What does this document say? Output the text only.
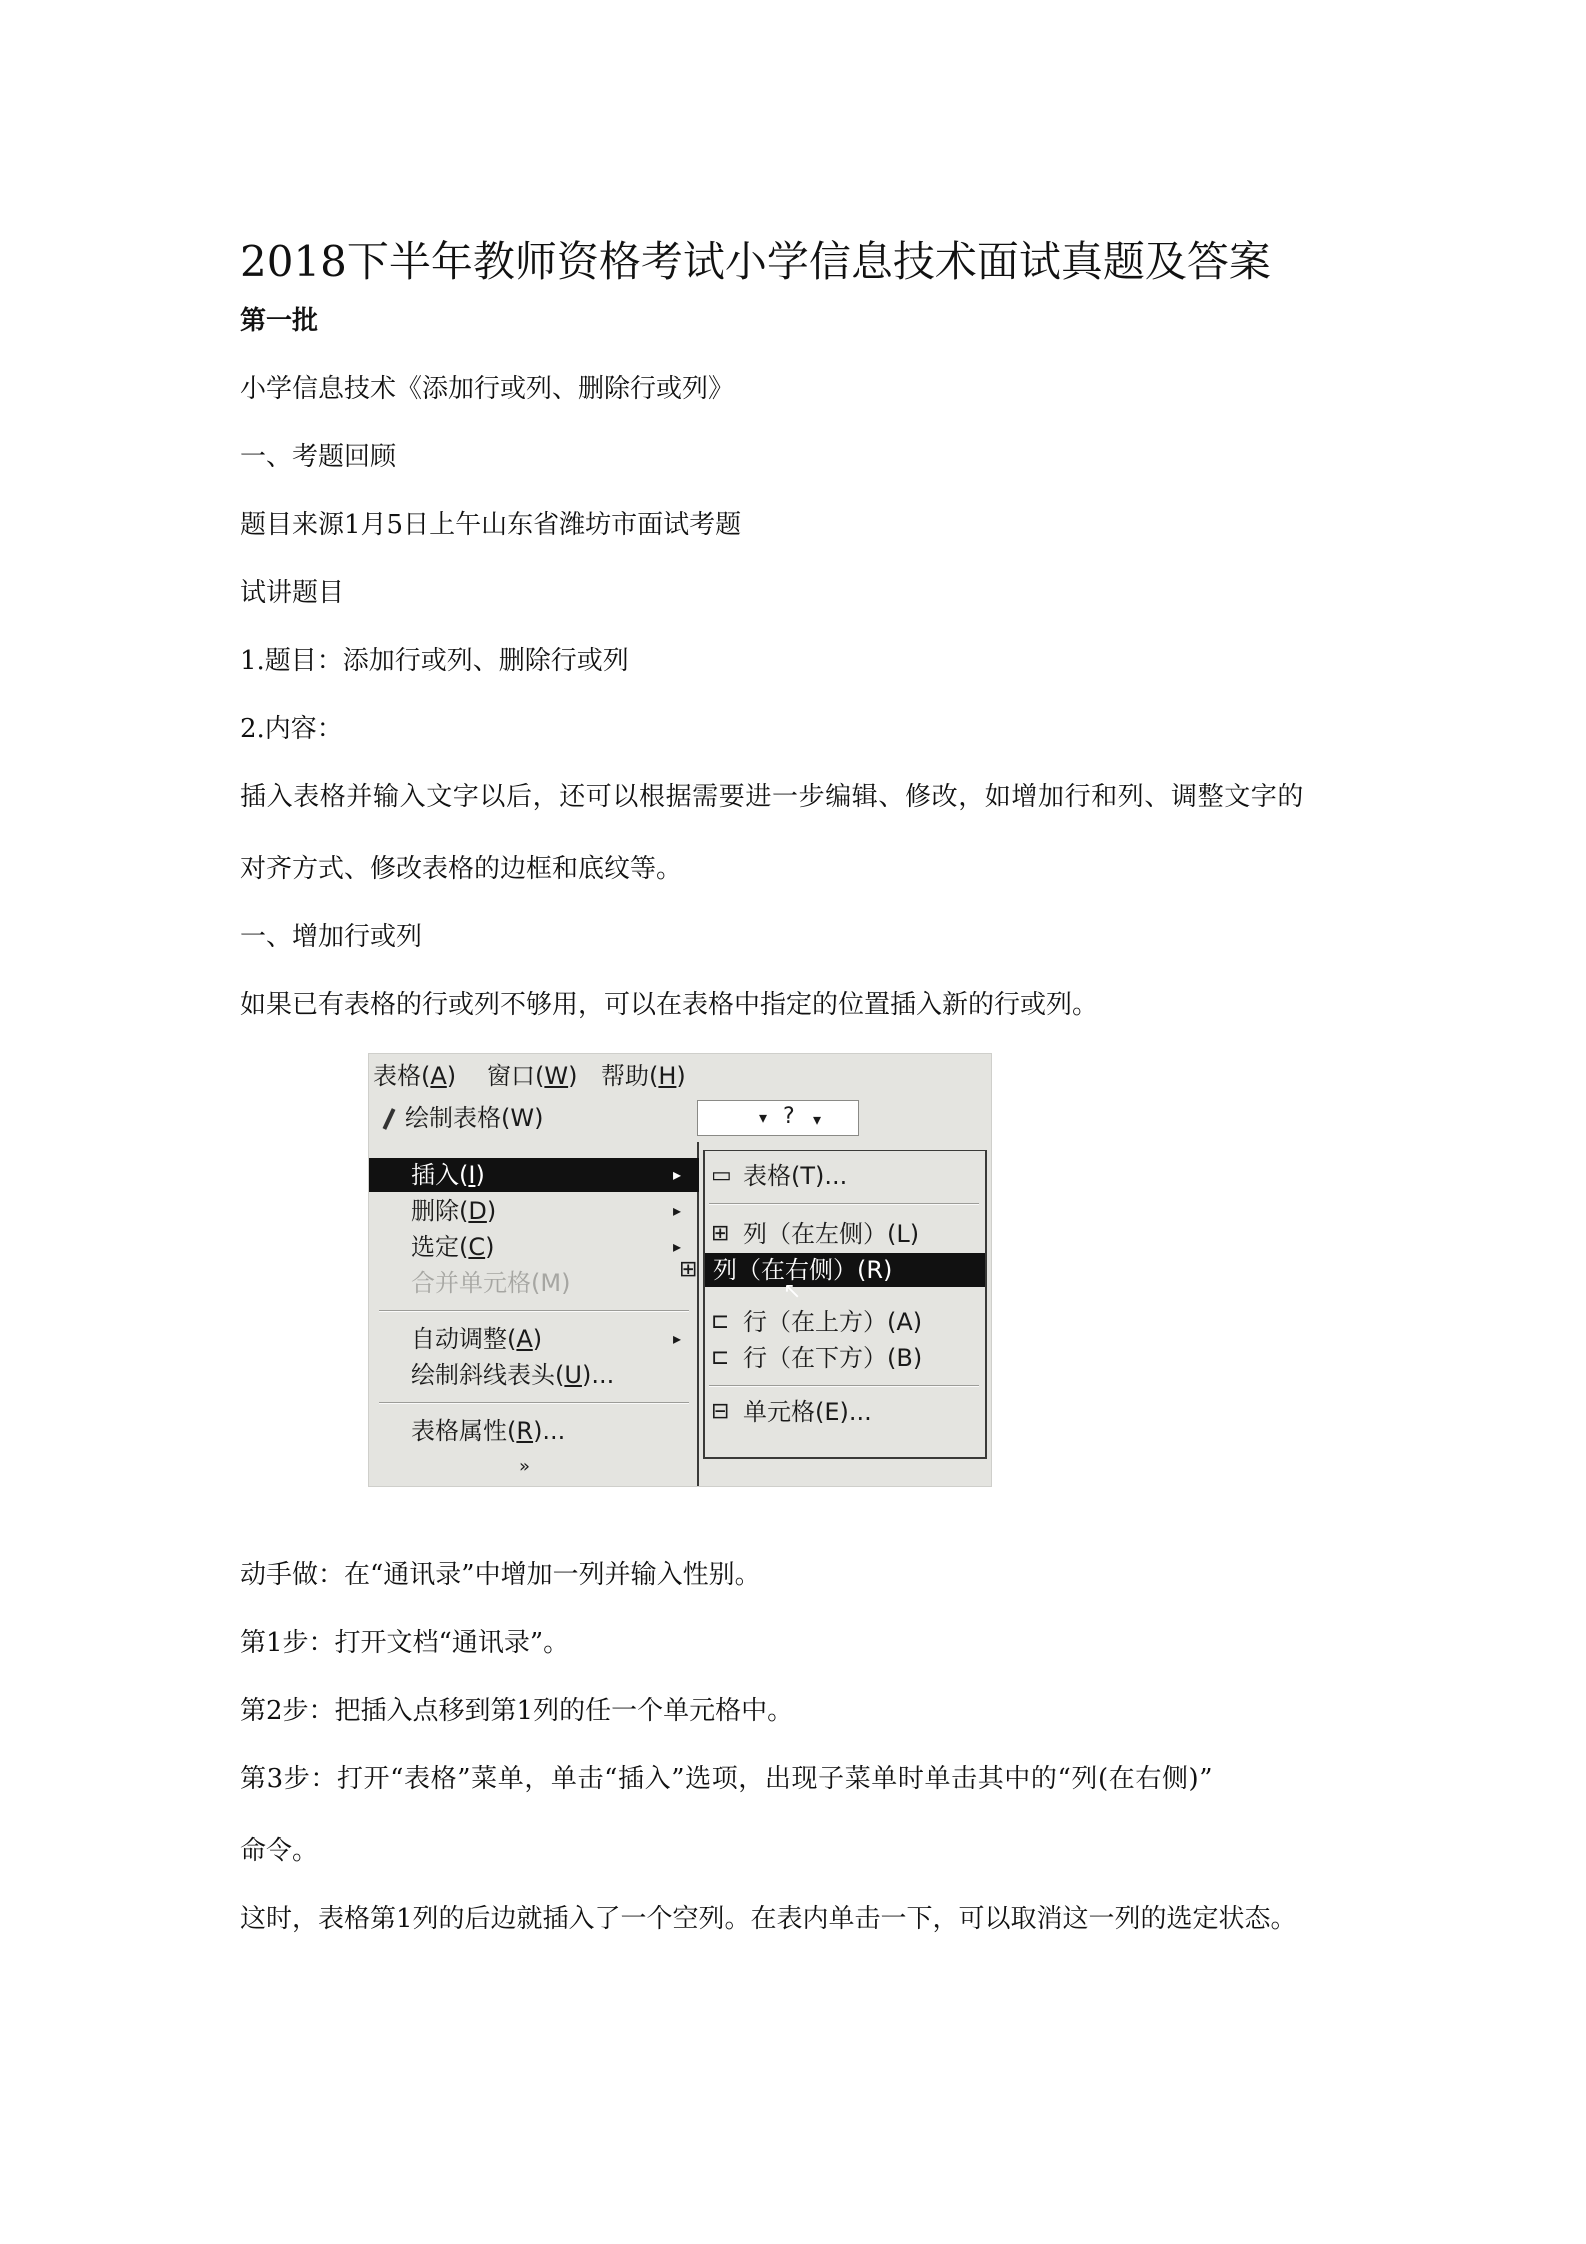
2018下半年教师资格考试小学信息技术面试真题及答案

第一批

小学信息技术《添加行或列、删除行或列》

一、考题回顾

题目来源1月5日上午山东省潍坊市面试考题

试讲题目

1.题目：添加行或列、删除行或列

2.内容：

插入表格并输入文字以后，还可以根据需要进一步编辑、修改，如增加行和列、调整文字的

对齐方式、修改表格的边框和底纹等。

一、增加行或列

如果已有表格的行或列不够用，可以在表格中指定的位置插入新的行或列。

表格(A) 窗口(W) 帮助(H)
绘制表格(W)	▾ ? ▾
插入(I)	▸
删除(D)	▸
选定(C)	▸
合并单元格(M)
自动调整(A)	▸
绘制斜线表头(U)...
表格属性(R)...
»
▭ 表格(T)...
⊞ 列（在左侧）(L)
⊞ 列（在右侧）(R)
↖
⊏ 行（在上方）(A)
⊏ 行（在下方）(B)
⊟ 单元格(E)...

动手做：在“通讯录”中增加一列并输入性别。

第1步：打开文档“通讯录”。

第2步：把插入点移到第1列的任一个单元格中。

第3步：打开“表格”菜单，单击“插入”选项，出现子菜单时单击其中的“列(在右侧)”

命令。

这时，表格第1列的后边就插入了一个空列。在表内单击一下，可以取消这一列的选定状态。
